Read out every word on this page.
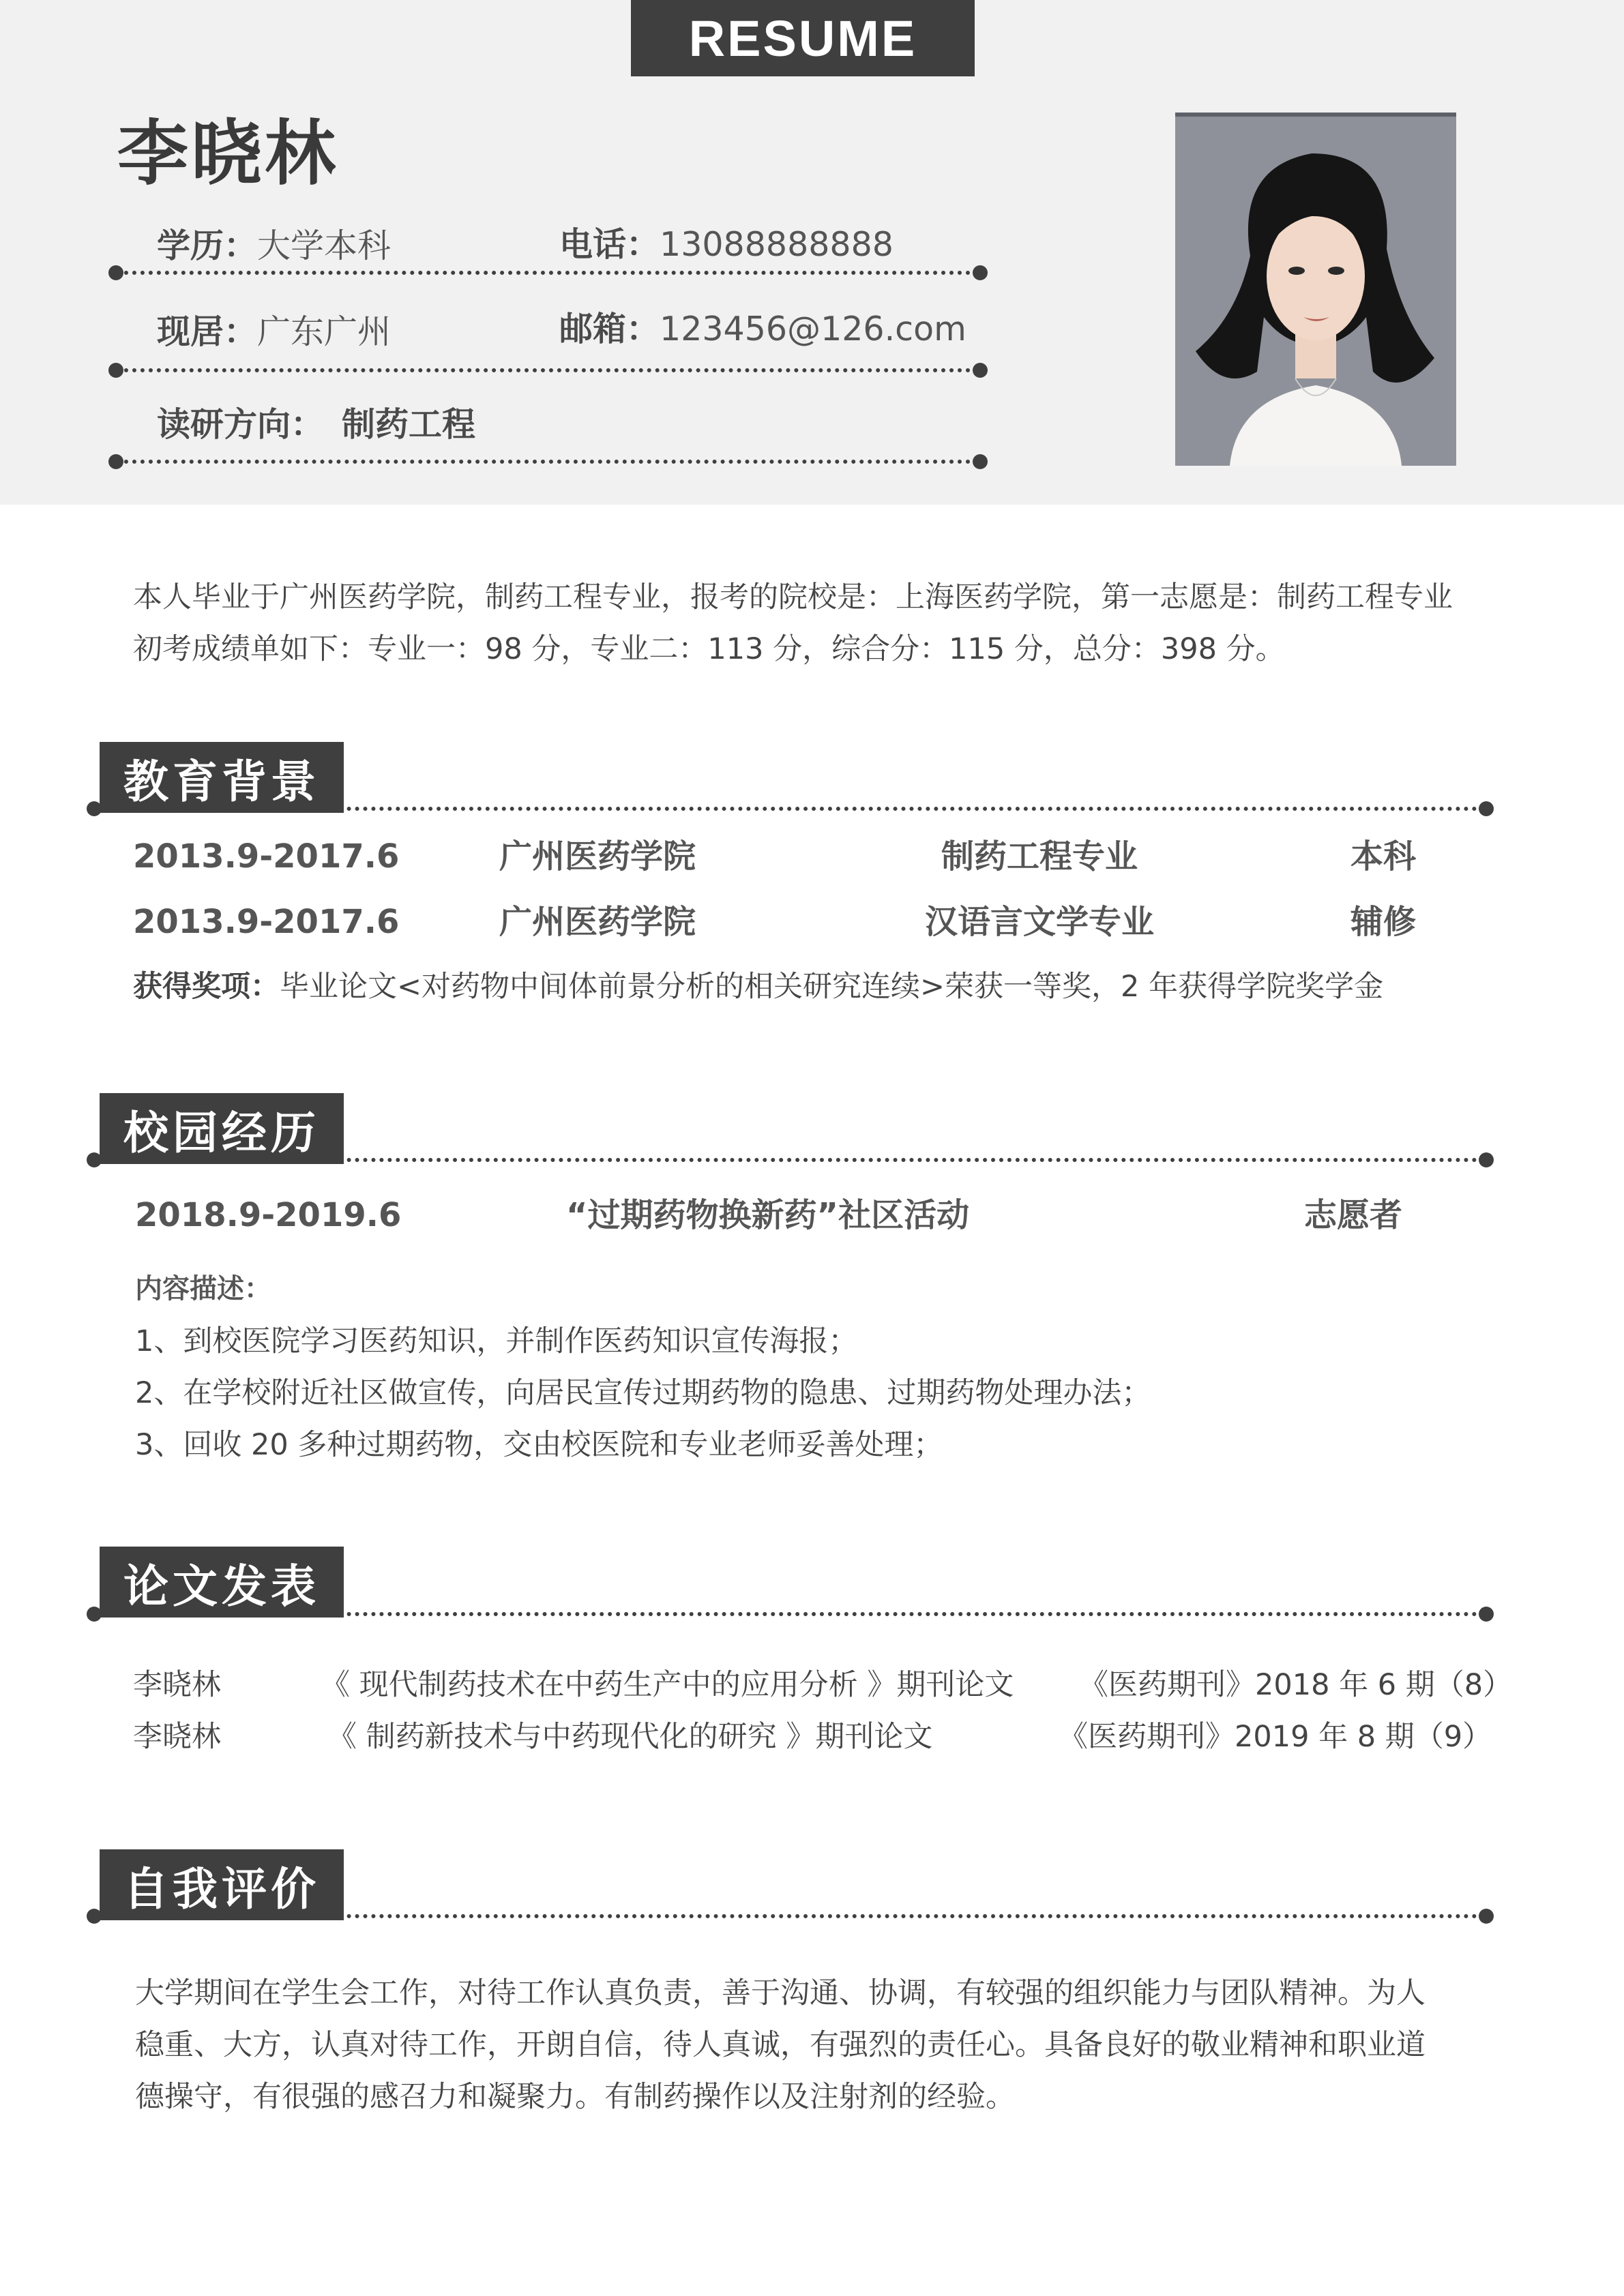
RESUME
李晓林
学历：大学本科	电话：13088888888
现居：广东广州	邮箱：123456@126.com
读研方向： 制药工程
本人毕业于广州医药学院，制药工程专业，报考的院校是：上海医药学院，第一志愿是：制药工程专业
初考成绩单如下：专业一：98 分，专业二：113 分，综合分：115 分，总分：398 分。
教育背景
2013.9-2017.6	广州医药学院	制药工程专业	本科
2013.9-2017.6	广州医药学院	汉语言文学专业	辅修
获得奖项：毕业论文<对药物中间体前景分析的相关研究连续>荣获一等奖，2 年获得学院奖学金
校园经历
2018.9-2019.6	“过期药物换新药”社区活动	志愿者
内容描述：
1、到校医院学习医药知识，并制作医药知识宣传海报；
2、在学校附近社区做宣传，向居民宣传过期药物的隐患、过期药物处理办法；
3、回收 20 多种过期药物，交由校医院和专业老师妥善处理；
论文发表
李晓林	《 现代制药技术在中药生产中的应用分析 》期刊论文 《医药期刊》2018 年 6 期（8）
李晓林	《 制药新技术与中药现代化的研究 》期刊论文	《医药期刊》2019 年 8 期（9）
自我评价
大学期间在学生会工作，对待工作认真负责，善于沟通、协调，有较强的组织能力与团队精神。为人
稳重、大方，认真对待工作，开朗自信，待人真诚，有强烈的责任心。具备良好的敬业精神和职业道
德操守，有很强的感召力和凝聚力。有制药操作以及注射剂的经验。
